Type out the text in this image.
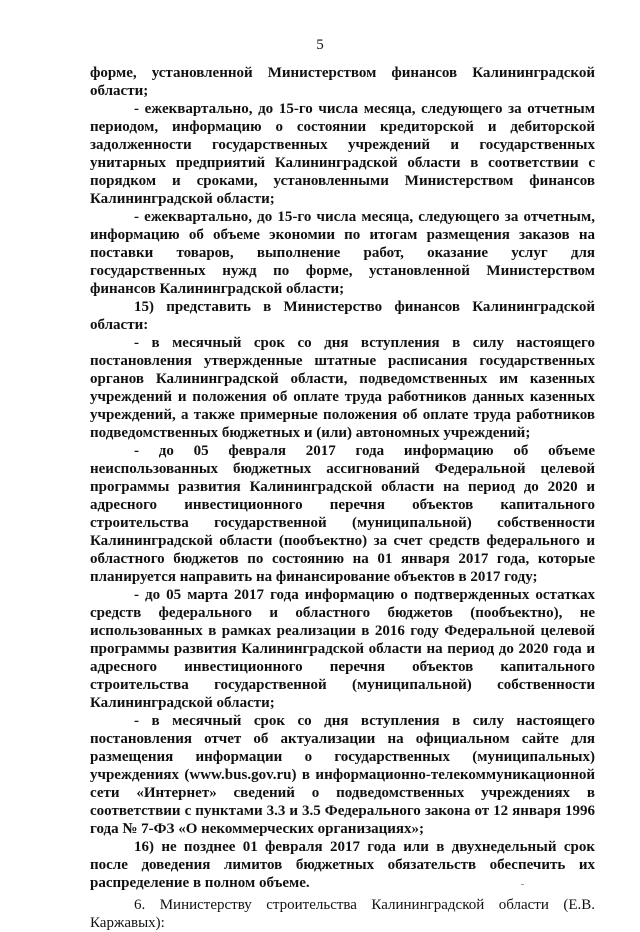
5

форме, установленной Министерством финансов Калининградской области;

- ежеквартально, до 15-го числа месяца, следующего за отчетным периодом, информацию о состоянии кредиторской и дебиторской задолженности государственных учреждений и государственных унитарных предприятий Калининградской области в соответствии с порядком и сроками, установленными Министерством финансов Калининградской области;

- ежеквартально, до 15-го числа месяца, следующего за отчетным, информацию об объеме экономии по итогам размещения заказов на поставки товаров, выполнение работ, оказание услуг для государственных нужд по форме, установленной Министерством финансов Калининградской области;

15) представить в Министерство финансов Калининградской области:

- в месячный срок со дня вступления в силу настоящего постановления утвержденные штатные расписания государственных органов Калининградской области, подведомственных им казенных учреждений и положения об оплате труда работников данных казенных учреждений, а также примерные положения об оплате труда работников подведомственных бюджетных и (или) автономных учреждений;

- до 05 февраля 2017 года информацию об объеме неиспользованных бюджетных ассигнований Федеральной целевой программы развития Калининградской области на период до 2020 и адресного инвестиционного перечня объектов капитального строительства государственной (муниципальной) собственности Калининградской области (пообъектно) за счет средств федерального и областного бюджетов по состоянию на 01 января 2017 года, которые планируется направить на финансирование объектов в 2017 году;

- до 05 марта 2017 года информацию о подтвержденных остатках средств федерального и областного бюджетов (пообъектно), не использованных в рамках реализации в 2016 году Федеральной целевой программы развития Калининградской области на период до 2020 года и адресного инвестиционного перечня объектов капитального строительства государственной (муниципальной) собственности Калининградской области;

- в месячный срок со дня вступления в силу настоящего постановления отчет об актуализации на официальном сайте для размещения информации о государственных (муниципальных) учреждениях (www.bus.gov.ru) в информационно-телекоммуникационной сети «Интернет» сведений о подведомственных учреждениях в соответствии с пунктами 3.3 и 3.5 Федерального закона от 12 января 1996 года № 7-ФЗ «О некоммерческих организациях»;

16) не позднее 01 февраля 2017 года или в двухнедельный срок после доведения лимитов бюджетных обязательств обеспечить их распределение в полном объеме.

6. Министерству строительства Калининградской области (Е.В. Каржавых):
